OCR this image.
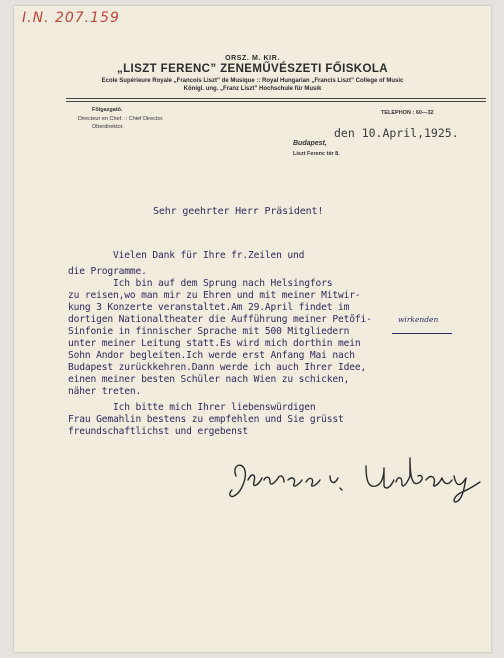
I.N. 207.159
ORSZ. M. KIR.
„LISZT FERENC” ZENEMŰVÉSZETI FŐISKOLA
Ecole Supérieure Royale „Francois Liszt” de Musique :: Royal Hungarian „Francis Liszt” College of Music
Königl. ung. „Franz Liszt” Hochschule für Musik
Főigazgató.
Directeur en Chef. :: Chief Director.
Oberdirektor.
TELEPHON : 60—32
den 10.April,1925.
Budapest,
Liszt Ferenc tér 8.
Sehr geehrter Herr Präsident!
Vielen Dank für Ihre fr.Zeilen und
die Programme.
Ich bin auf dem Sprung nach Helsingfors
zu reisen,wo man mir zu Ehren und mit meiner Mitwir-
kung 3 Konzerte veranstaltet.Am 29.April findet im
dortigen Nationaltheater die Aufführung meiner Petőfi-
Sinfonie in finnischer Sprache mit 500 Mitgliedern
unter meiner Leitung statt.Es wird mich dorthin mein
Sohn Andor begleiten.Ich werde erst Anfang Mai nach
Budapest zurückkehren.Dann werde ich auch Ihrer Idee,
einen meiner besten Schüler nach Wien zu schicken,
näher treten.
Ich bitte mich Ihrer liebenswürdigen
Frau Gemahlin bestens zu empfehlen und Sie grüsst
freundschaftlichst und ergebenst
wirkenden
